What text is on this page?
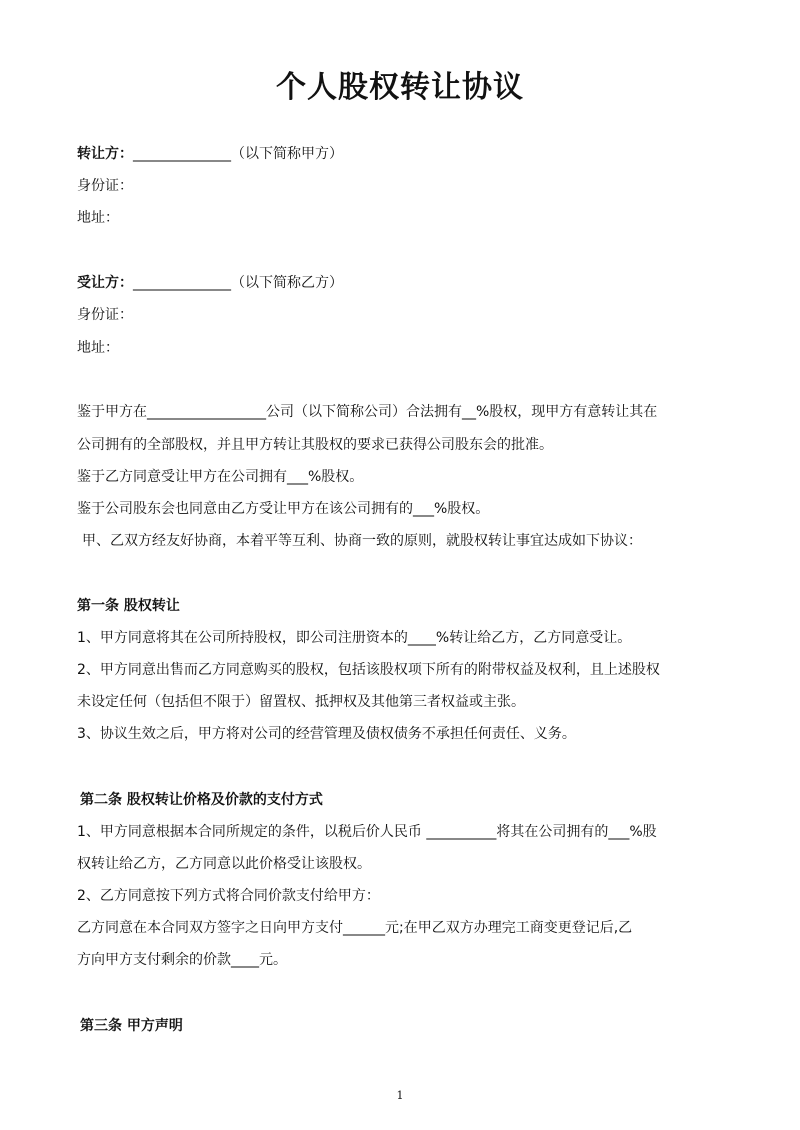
个人股权转让协议
转让方：______________（以下简称甲方）
身份证：
地址：
受让方：______________（以下简称乙方）
身份证：
地址：
鉴于甲方在_________________公司（以下简称公司）合法拥有__%股权，现甲方有意转让其在
公司拥有的全部股权，并且甲方转让其股权的要求已获得公司股东会的批准。
鉴于乙方同意受让甲方在公司拥有___%股权。
鉴于公司股东会也同意由乙方受让甲方在该公司拥有的___%股权。
甲、乙双方经友好协商，本着平等互利、协商一致的原则，就股权转让事宜达成如下协议：
第一条 股权转让
1、甲方同意将其在公司所持股权，即公司注册资本的____%转让给乙方，乙方同意受让。
2、甲方同意出售而乙方同意购买的股权，包括该股权项下所有的附带权益及权利，且上述股权
未设定任何（包括但不限于）留置权、抵押权及其他第三者权益或主张。
3、协议生效之后，甲方将对公司的经营管理及债权债务不承担任何责任、义务。
第二条 股权转让价格及价款的支付方式
1、甲方同意根据本合同所规定的条件，以税后价人民币 __________将其在公司拥有的___%股
权转让给乙方，乙方同意以此价格受让该股权。
2、乙方同意按下列方式将合同价款支付给甲方：
乙方同意在本合同双方签字之日向甲方支付______元;在甲乙双方办理完工商变更登记后,乙
方向甲方支付剩余的价款____元。
第三条 甲方声明
1
